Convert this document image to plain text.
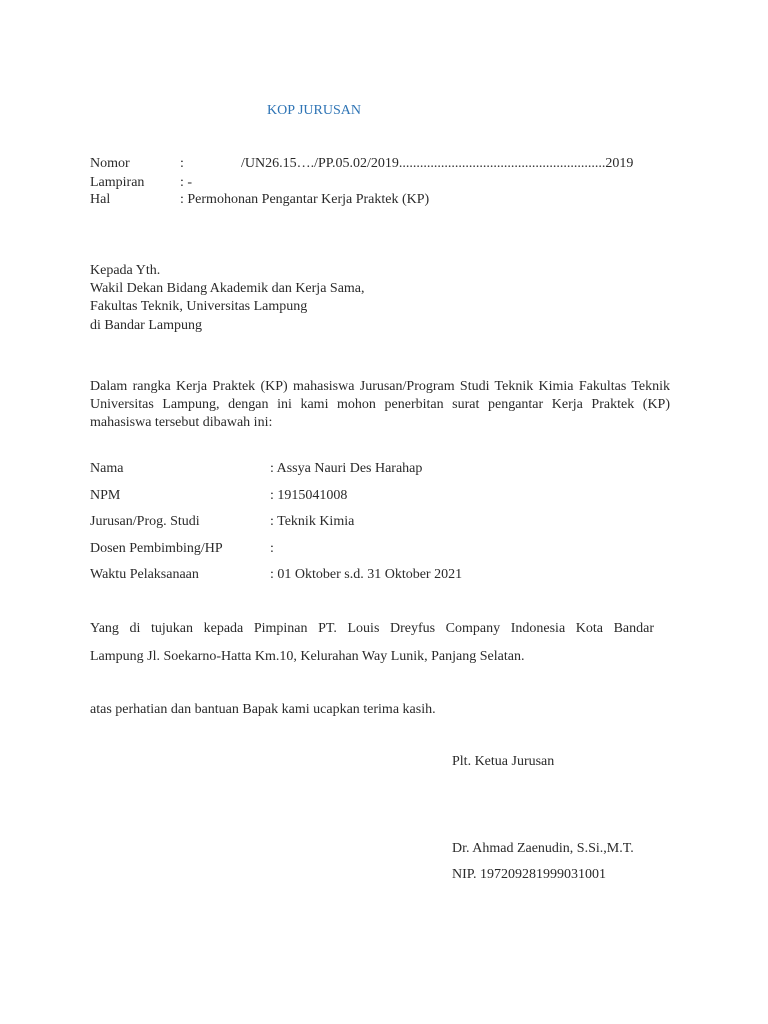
KOP JURUSAN
Nomor	:	/UN26.15…./PP.05.02/2019...........................................................2019
Lampiran	: -
Hal	: Permohonan Pengantar Kerja Praktek (KP)
Kepada Yth.
Wakil Dekan Bidang Akademik dan Kerja Sama,
Fakultas Teknik, Universitas Lampung
di Bandar Lampung
Dalam rangka Kerja Praktek (KP) mahasiswa Jurusan/Program Studi Teknik Kimia Fakultas Teknik Universitas Lampung, dengan ini kami mohon penerbitan surat pengantar Kerja Praktek (KP) mahasiswa tersebut dibawah ini:
Nama	: Assya Nauri Des Harahap
NPM	: 1915041008
Jurusan/Prog. Studi	: Teknik Kimia
Dosen Pembimbing/HP	:
Waktu Pelaksanaan	: 01 Oktober s.d. 31 Oktober 2021
Yang di tujukan kepada Pimpinan PT. Louis Dreyfus Company Indonesia Kota Bandar
Lampung Jl. Soekarno-Hatta Km.10, Kelurahan Way Lunik, Panjang Selatan.
atas perhatian dan bantuan Bapak kami ucapkan terima kasih.
Plt. Ketua Jurusan
Dr. Ahmad Zaenudin, S.Si.,M.T.
NIP. 197209281999031001
